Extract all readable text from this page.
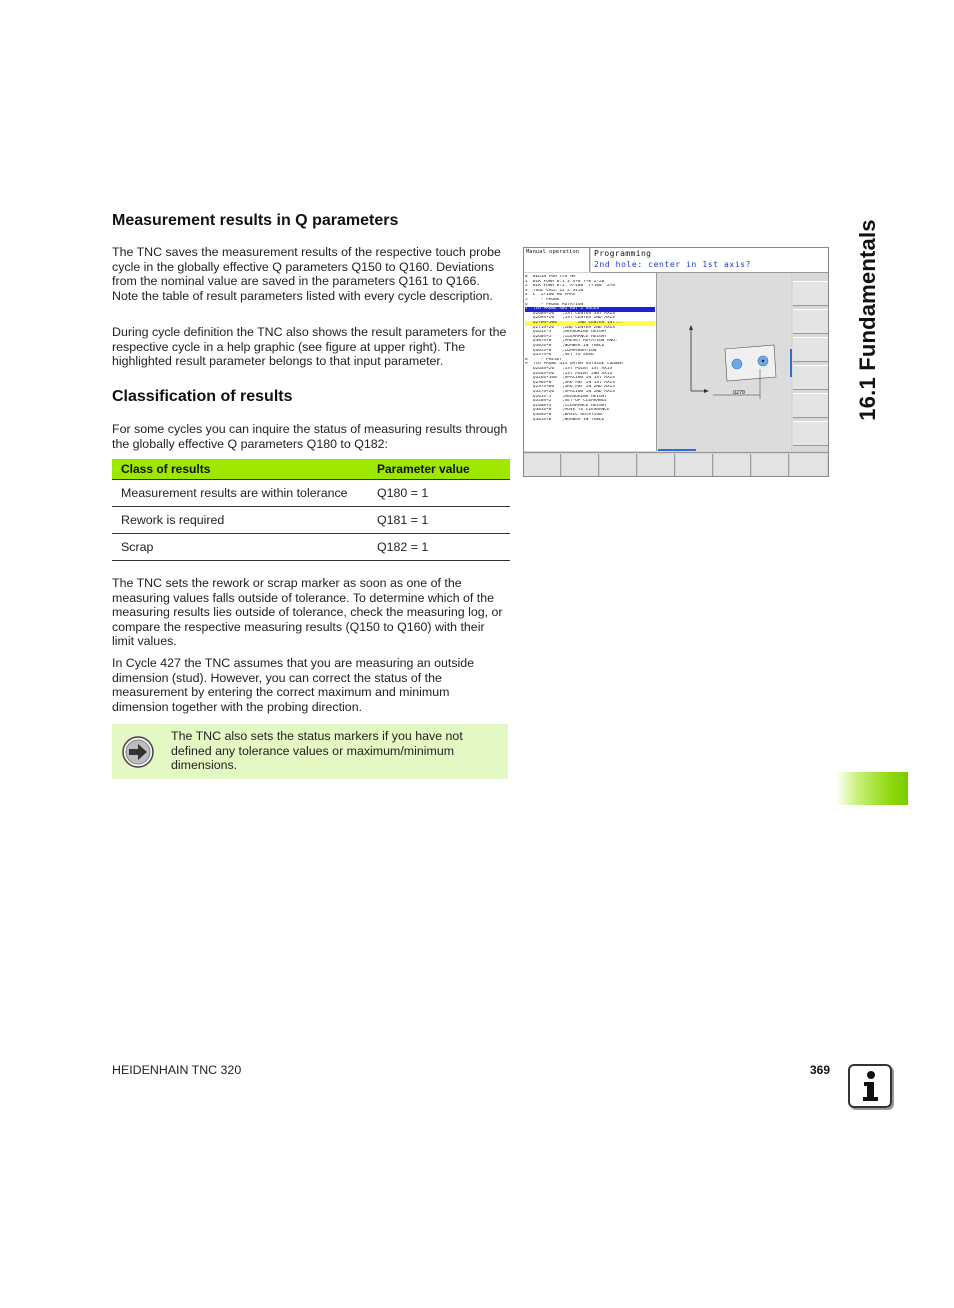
Measurement results in Q parameters

The TNC saves the measurement results of the respective touch probe cycle in the globally effective Q parameters Q150 to Q160. Deviations from the nominal value are saved in the parameters Q161 to Q166. Note the table of result parameters listed with every cycle description.

During cycle definition the TNC also shows the result parameters for the respective cycle in a help graphic (see figure at upper right). The highlighted result parameter belongs to that input parameter.

Classification of results

For some cycles you can inquire the status of measuring results through the globally effective Q parameters Q180 to Q182:

Class of results	Parameter value
Measurement results are within tolerance	Q180 = 1
Rework is required	Q181 = 1
Scrap	Q182 = 1

The TNC sets the rework or scrap marker as soon as one of the measuring values falls outside of tolerance. To determine which of the measuring results lies outside of tolerance, check the measuring log, or compare the respective measuring results (Q150 to Q160) with their limit values.

In Cycle 427 the TNC assumes that you are measuring an outside dimension (stud). However, you can correct the status of the measurement by entering the correct maximum and minimum dimension together with the probing direction.

The TNC also sets the status markers if you have not defined any tolerance values or maximum/minimum dimensions.

16.1 Fundamentals
Manual operation	Programming
2nd hole: center in 1st axis?
0  BEGIN PGM TCH MM
1  BLK FORM 0.1 Z X+0 Y+0 Z-20
2  BLK FORM 0.2  X+100  Y+100  Z+0
3  TOOL CALL 22 Z S250
4  L  Z+100 R0 FMAX
5  *  - PROBE
6  *  - PROBE ROTATION
7  TCH PROBE 401 ROT 2 HOLES
Q268=+20   ;1ST CENTER 1ST AXIS
Q269=+20   ;1ST CENTER 2ND AXIS
Q270=+100        2ND CENTER 1ST...
Q271=+20   ;2ND CENTER 2ND AXIS
Q261=-5    ;MEASURING HEIGHT
Q260=+5    ;CLEARANCE HEIGHT
Q307=+0    ;PRESET ROTATION ANG.
Q305=+0    ;NUMBER IN TABLE
Q402=+0    ;COMPENSATION
Q337=+0    ;SET TO ZERO
8  *  - PRESET
9  TCH PROBE 414 DATUM OUTSIDE CORNER
Q263=+20   ;1ST POINT 1ST AXIS
Q264=+20   ;1ST POINT 2ND AXIS
Q326=+100  ;SPACING IN 1ST AXIS
Q296=+0    ;3RD PNT IN 1ST AXIS
Q297=+80   ;3RD PNT IN 2ND AXIS
Q327=+20   ;SPACING IN 2ND AXIS
Q261=-5    ;MEASURING HEIGHT
Q320=+2    ;SET-UP CLEARANCE
Q260=+5    ;CLEARANCE HEIGHT
Q301=+0    ;MOVE TO CLEARANCE
Q304=+0    ;BASIC ROTATION
Q305=+0    ;NUMBER IN TABLE
Q270
HEIDENHAIN TNC 320	369
